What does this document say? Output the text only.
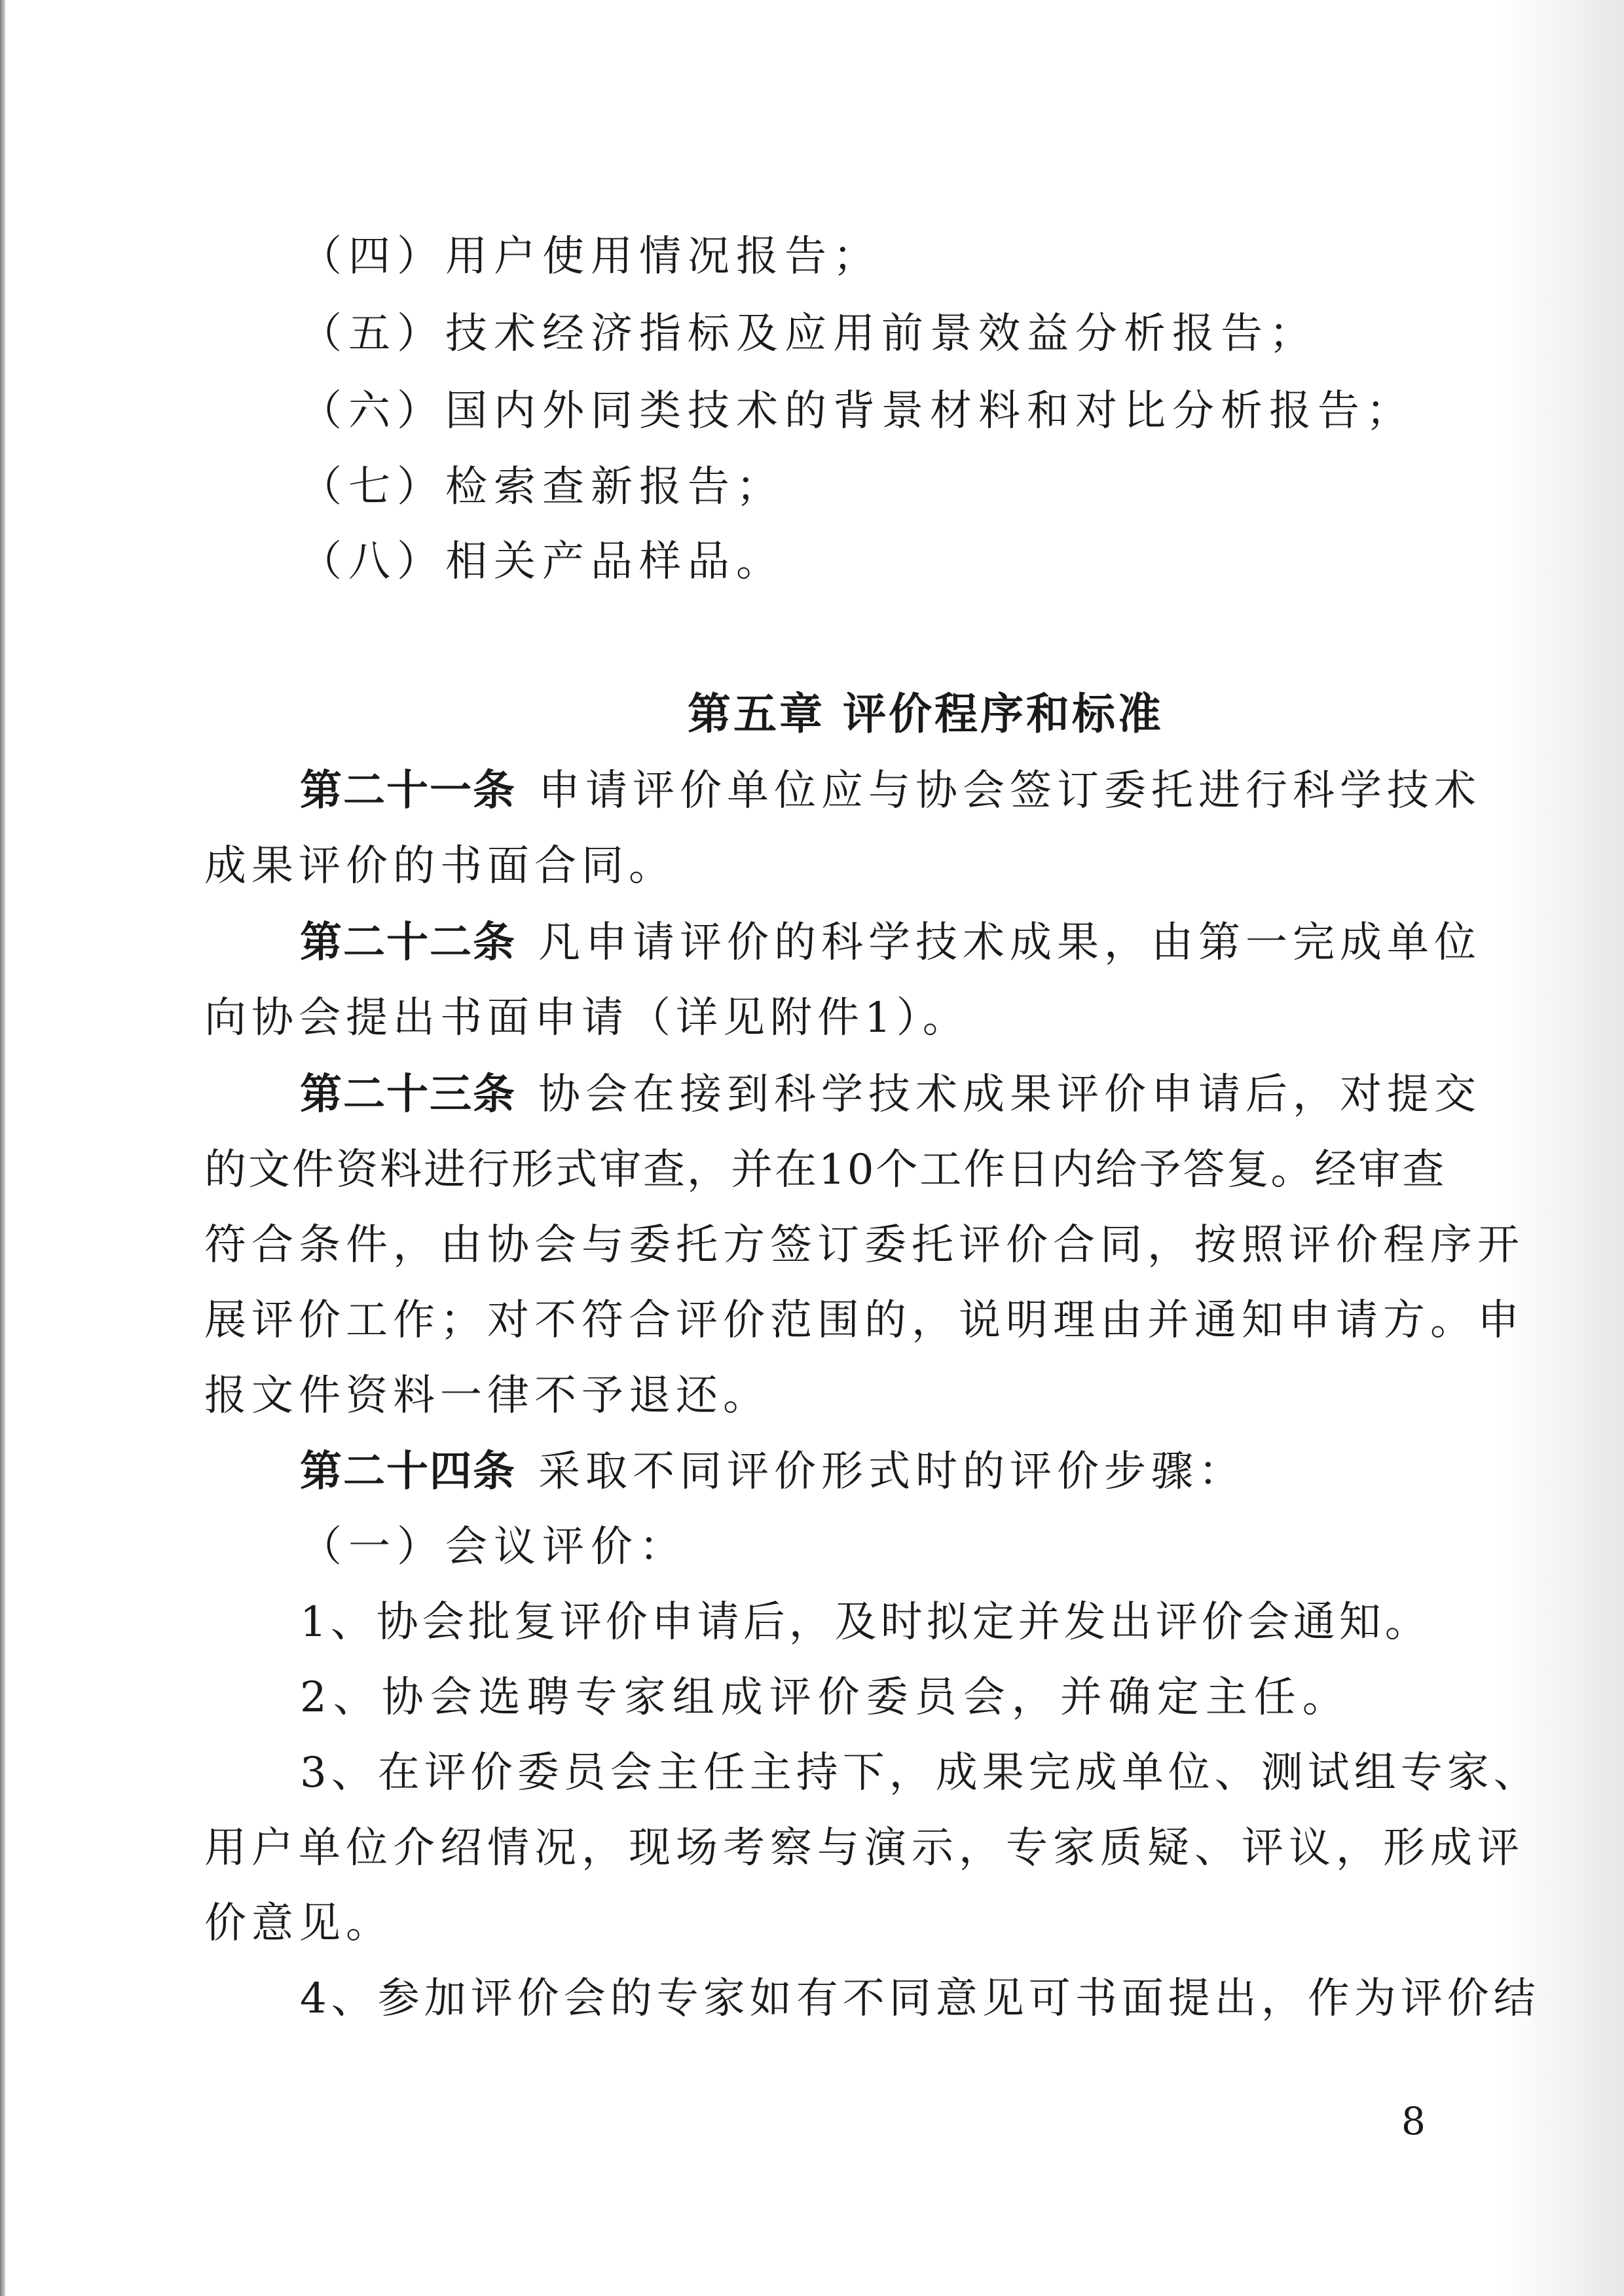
（四）用户使用情况报告；

（五）技术经济指标及应用前景效益分析报告；

（六）国内外同类技术的背景材料和对比分析报告；

（七）检索查新报告；

（八）相关产品样品。

第五章 评价程序和标准

第二十一条 申请评价单位应与协会签订委托进行科学技术

成果评价的书面合同。

第二十二条 凡申请评价的科学技术成果，由第一完成单位

向协会提出书面申请（详见附件1）。

第二十三条 协会在接到科学技术成果评价申请后，对提交

的文件资料进行形式审查，并在10个工作日内给予答复。经审查

符合条件，由协会与委托方签订委托评价合同，按照评价程序开

展评价工作；对不符合评价范围的，说明理由并通知申请方。申

报文件资料一律不予退还。

第二十四条 采取不同评价形式时的评价步骤：

（一）会议评价：

1、协会批复评价申请后，及时拟定并发出评价会通知。

2、协会选聘专家组成评价委员会，并确定主任。

3、在评价委员会主任主持下，成果完成单位、测试组专家、

用户单位介绍情况，现场考察与演示，专家质疑、评议，形成评

价意见。

4、参加评价会的专家如有不同意见可书面提出，作为评价结

8
